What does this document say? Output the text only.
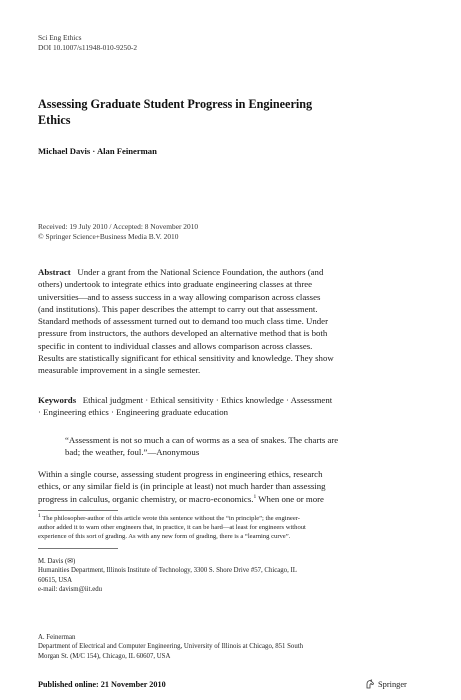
Sci Eng Ethics
DOI 10.1007/s11948-010-9250-2
Assessing Graduate Student Progress in Engineering
Ethics
Michael Davis · Alan Feinerman
Received: 19 July 2010 / Accepted: 8 November 2010
© Springer Science+Business Media B.V. 2010
Abstract Under a grant from the National Science Foundation, the authors (and
others) undertook to integrate ethics into graduate engineering classes at three
universities—and to assess success in a way allowing comparison across classes
(and institutions). This paper describes the attempt to carry out that assessment.
Standard methods of assessment turned out to demand too much class time. Under
pressure from instructors, the authors developed an alternative method that is both
specific in content to individual classes and allows comparison across classes.
Results are statistically significant for ethical sensitivity and knowledge. They show
measurable improvement in a single semester.
Keywords Ethical judgment · Ethical sensitivity · Ethics knowledge · Assessment
· Engineering ethics · Engineering graduate education
“Assessment is not so much a can of worms as a sea of snakes. The charts are
bad; the weather, foul.”—Anonymous
Within a single course, assessing student progress in engineering ethics, research
ethics, or any similar field is (in principle at least) not much harder than assessing
progress in calculus, organic chemistry, or macro-economics.$^1$ When one or more
$^1$ The philosopher-author of this article wrote this sentence without the “in principle”; the engineer-
author added it to warn other engineers that, in practice, it can be hard—at least for engineers without
experience of this sort of grading. As with any new form of grading, there is a “learning curve”.
M. Davis (✉)
Humanities Department, Illinois Institute of Technology, 3300 S. Shore Drive #57, Chicago, IL
60615, USA
e-mail: davism@iit.edu
A. Feinerman
Department of Electrical and Computer Engineering, University of Illinois at Chicago, 851 South
Morgan St. (M/C 154), Chicago, IL 60607, USA
Published online: 21 November 2010	Springer
